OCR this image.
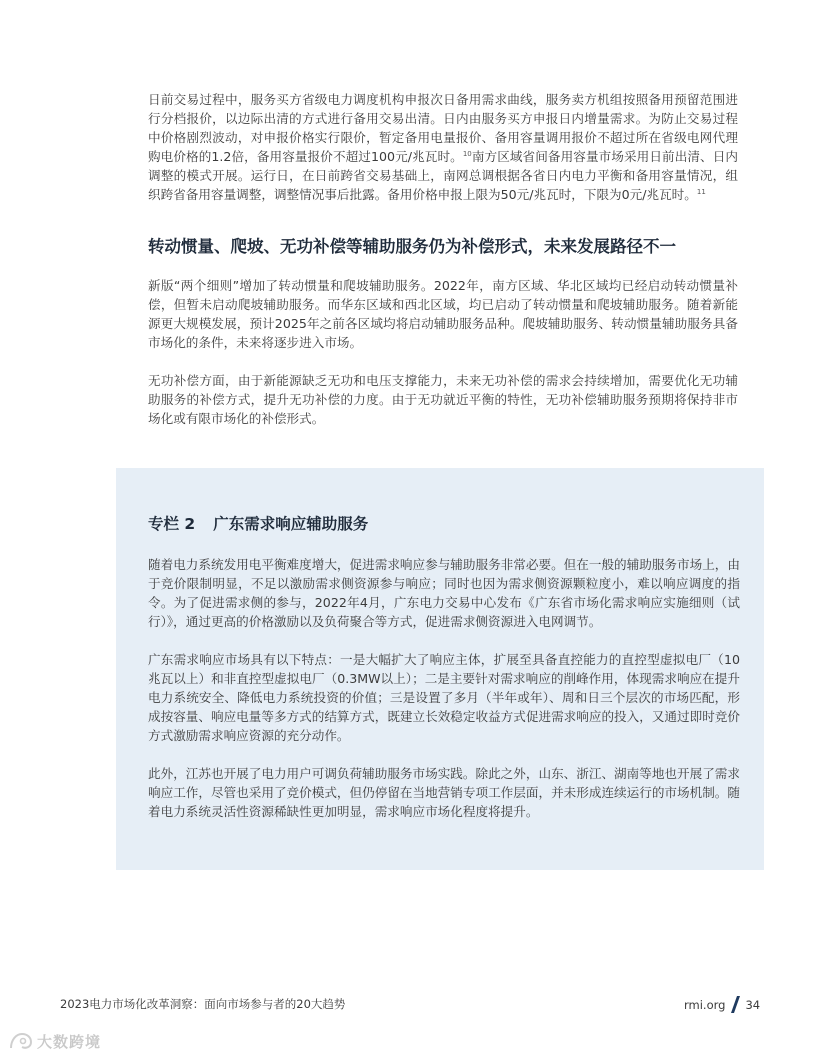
日前交易过程中，服务买方省级电力调度机构申报次日备用需求曲线，服务卖方机组按照备用预留范围进行分档报价，以边际出清的方式进行备用交易出清。日内由服务买方申报日内增量需求。为防止交易过程中价格剧烈波动，对申报价格实行限价，暂定备用电量报价、备用容量调用报价不超过所在省级电网代理购电价格的1.2倍，备用容量报价不超过100元/兆瓦时。$^{10}$南方区域省间备用容量市场采用日前出清、日内调整的模式开展。运行日，在日前跨省交易基础上，南网总调根据各省日内电力平衡和备用容量情况，组织跨省备用容量调整，调整情况事后批露。备用价格申报上限为50元/兆瓦时，下限为0元/兆瓦时。$^{11}$

转动惯量、爬坡、无功补偿等辅助服务仍为补偿形式，未来发展路径不一

新版“两个细则”增加了转动惯量和爬坡辅助服务。2022年，南方区域、华北区域均已经启动转动惯量补偿，但暂未启动爬坡辅助服务。而华东区域和西北区域，均已启动了转动惯量和爬坡辅助服务。随着新能源更大规模发展，预计2025年之前各区域均将启动辅助服务品种。爬坡辅助服务、转动惯量辅助服务具备市场化的条件，未来将逐步进入市场。

无功补偿方面，由于新能源缺乏无功和电压支撑能力，未来无功补偿的需求会持续增加，需要优化无功辅助服务的补偿方式，提升无功补偿的力度。由于无功就近平衡的特性，无功补偿辅助服务预期将保持非市场化或有限市场化的补偿形式。

专栏 2 广东需求响应辅助服务

随着电力系统发用电平衡难度增大，促进需求响应参与辅助服务非常必要。但在一般的辅助服务市场上，由于竞价限制明显，不足以激励需求侧资源参与响应；同时也因为需求侧资源颗粒度小，难以响应调度的指令。为了促进需求侧的参与，2022年4月，广东电力交易中心发布《广东省市场化需求响应实施细则（试行）》，通过更高的价格激励以及负荷聚合等方式，促进需求侧资源进入电网调节。

广东需求响应市场具有以下特点：一是大幅扩大了响应主体，扩展至具备直控能力的直控型虚拟电厂（10兆瓦以上）和非直控型虚拟电厂（0.3MW以上）；二是主要针对需求响应的削峰作用，体现需求响应在提升电力系统安全、降低电力系统投资的价值；三是设置了多月（半年或年）、周和日三个层次的市场匹配，形成按容量、响应电量等多方式的结算方式，既建立长效稳定收益方式促进需求响应的投入，又通过即时竞价方式激励需求响应资源的充分动作。

此外，江苏也开展了电力用户可调负荷辅助服务市场实践。除此之外，山东、浙江、湖南等地也开展了需求响应工作，尽管也采用了竞价模式，但仍停留在当地营销专项工作层面，并未形成连续运行的市场机制。随着电力系统灵活性资源稀缺性更加明显，需求响应市场化程度将提升。

2023电力市场化改革洞察：面向市场参与者的20大趋势	rmi.org 34
大数跨境
